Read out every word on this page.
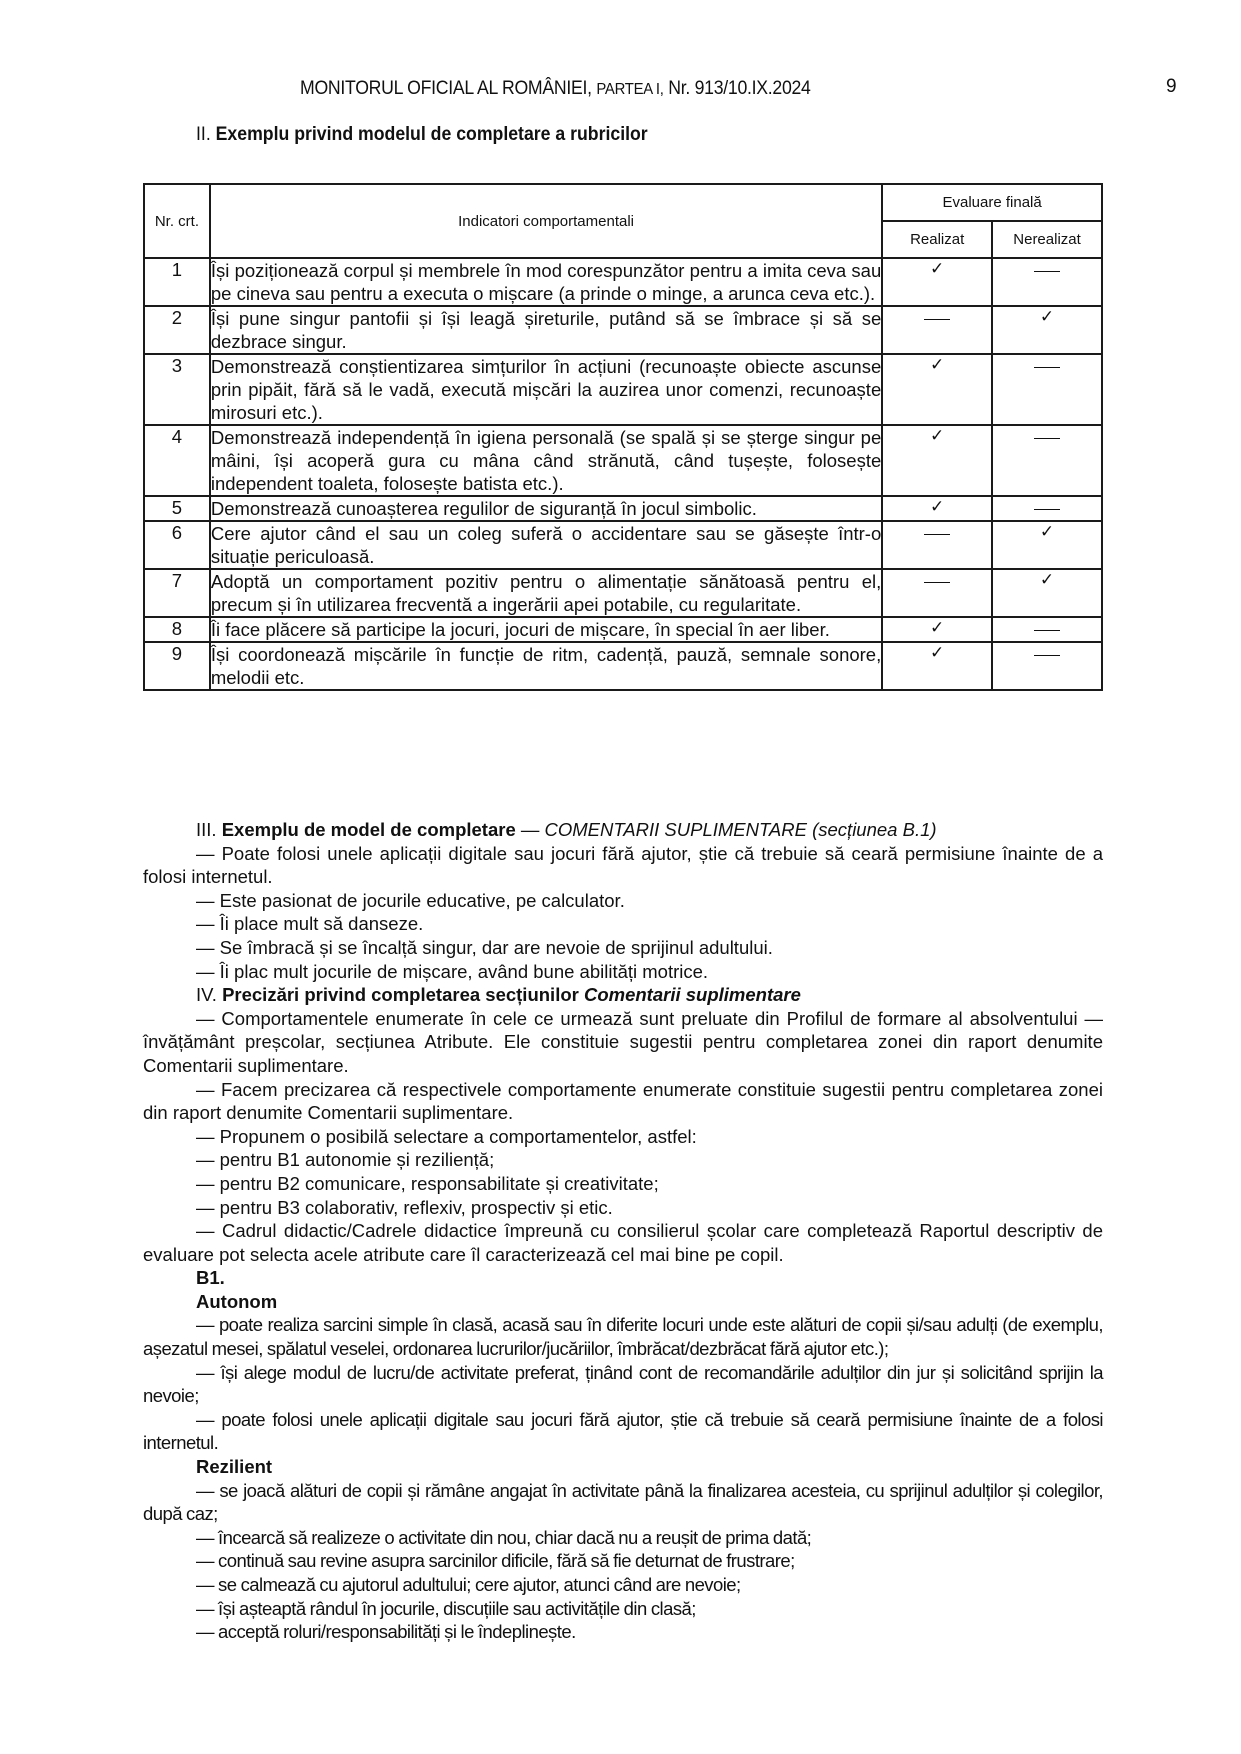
MONITORUL OFICIAL AL ROMÂNIEI, PARTEA I, Nr. 913/10.IX.2024	9
II. Exemplu privind modelul de completare a rubricilor
Nr. crt.	Indicatori comportamentali	Evaluare finală	
		Realizat	Nerealizat
1	Își poziționează corpul și membrele în mod corespunzător pentru a imita ceva sau pe cineva sau pentru a executa o mișcare (a prinde o minge, a arunca ceva etc.).	✓	
2	Își pune singur pantofii și își leagă șireturile, putând să se îmbrace și să se dezbrace singur.		✓
3	Demonstrează conștientizarea simțurilor în acțiuni (recunoaște obiecte ascunse prin pipăit, fără să le vadă, execută mișcări la auzirea unor comenzi, recunoaște mirosuri etc.).	✓	
4	Demonstrează independență în igiena personală (se spală și se șterge singur pe mâini, își acoperă gura cu mâna când strănută, când tușește, folosește independent toaleta, folosește batista etc.).	✓	
5	Demonstrează cunoașterea regulilor de siguranță în jocul simbolic.	✓	
6	Cere ajutor când el sau un coleg suferă o accidentare sau se găsește într-o situație periculoasă.		✓
7	Adoptă un comportament pozitiv pentru o alimentație sănătoasă pentru el, precum și în utilizarea frecventă a ingerării apei potabile, cu regularitate.		✓
8	Îi face plăcere să participe la jocuri, jocuri de mișcare, în special în aer liber.	✓	
9	Își coordonează mișcările în funcție de ritm, cadență, pauză, semnale sonore, melodii etc.	✓	

III. Exemplu de model de completare — COMENTARII SUPLIMENTARE (secțiunea B.1)

— Poate folosi unele aplicații digitale sau jocuri fără ajutor, știe că trebuie să ceară permisiune înainte de a folosi internetul.

— Este pasionat de jocurile educative, pe calculator.

— Îi place mult să danseze.

— Se îmbracă și se încalță singur, dar are nevoie de sprijinul adultului.

— Îi plac mult jocurile de mișcare, având bune abilități motrice.

IV. Precizări privind completarea secțiunilor Comentarii suplimentare

— Comportamentele enumerate în cele ce urmează sunt preluate din Profilul de formare al absolventului — învățământ preșcolar, secțiunea Atribute. Ele constituie sugestii pentru completarea zonei din raport denumite Comentarii suplimentare.

— Facem precizarea că respectivele comportamente enumerate constituie sugestii pentru completarea zonei din raport denumite Comentarii suplimentare.

— Propunem o posibilă selectare a comportamentelor, astfel:

— pentru B1 autonomie și reziliență;

— pentru B2 comunicare, responsabilitate și creativitate;

— pentru B3 colaborativ, reflexiv, prospectiv și etic.

— Cadrul didactic/Cadrele didactice împreună cu consilierul școlar care completează Raportul descriptiv de evaluare pot selecta acele atribute care îl caracterizează cel mai bine pe copil.

B1.

Autonom

— poate realiza sarcini simple în clasă, acasă sau în diferite locuri unde este alături de copii și/sau adulți (de exemplu, așezatul mesei, spălatul veselei, ordonarea lucrurilor/jucăriilor, îmbrăcat/dezbrăcat fără ajutor etc.);

— își alege modul de lucru/de activitate preferat, ținând cont de recomandările adulților din jur și solicitând sprijin la nevoie;

— poate folosi unele aplicații digitale sau jocuri fără ajutor, știe că trebuie să ceară permisiune înainte de a folosi internetul.

Rezilient

— se joacă alături de copii și rămâne angajat în activitate până la finalizarea acesteia, cu sprijinul adulților și colegilor, după caz;

— încearcă să realizeze o activitate din nou, chiar dacă nu a reușit de prima dată;

— continuă sau revine asupra sarcinilor dificile, fără să fie deturnat de frustrare;

— se calmează cu ajutorul adultului; cere ajutor, atunci când are nevoie;

— își așteaptă rândul în jocurile, discuțiile sau activitățile din clasă;

— acceptă roluri/responsabilități și le îndeplinește.
